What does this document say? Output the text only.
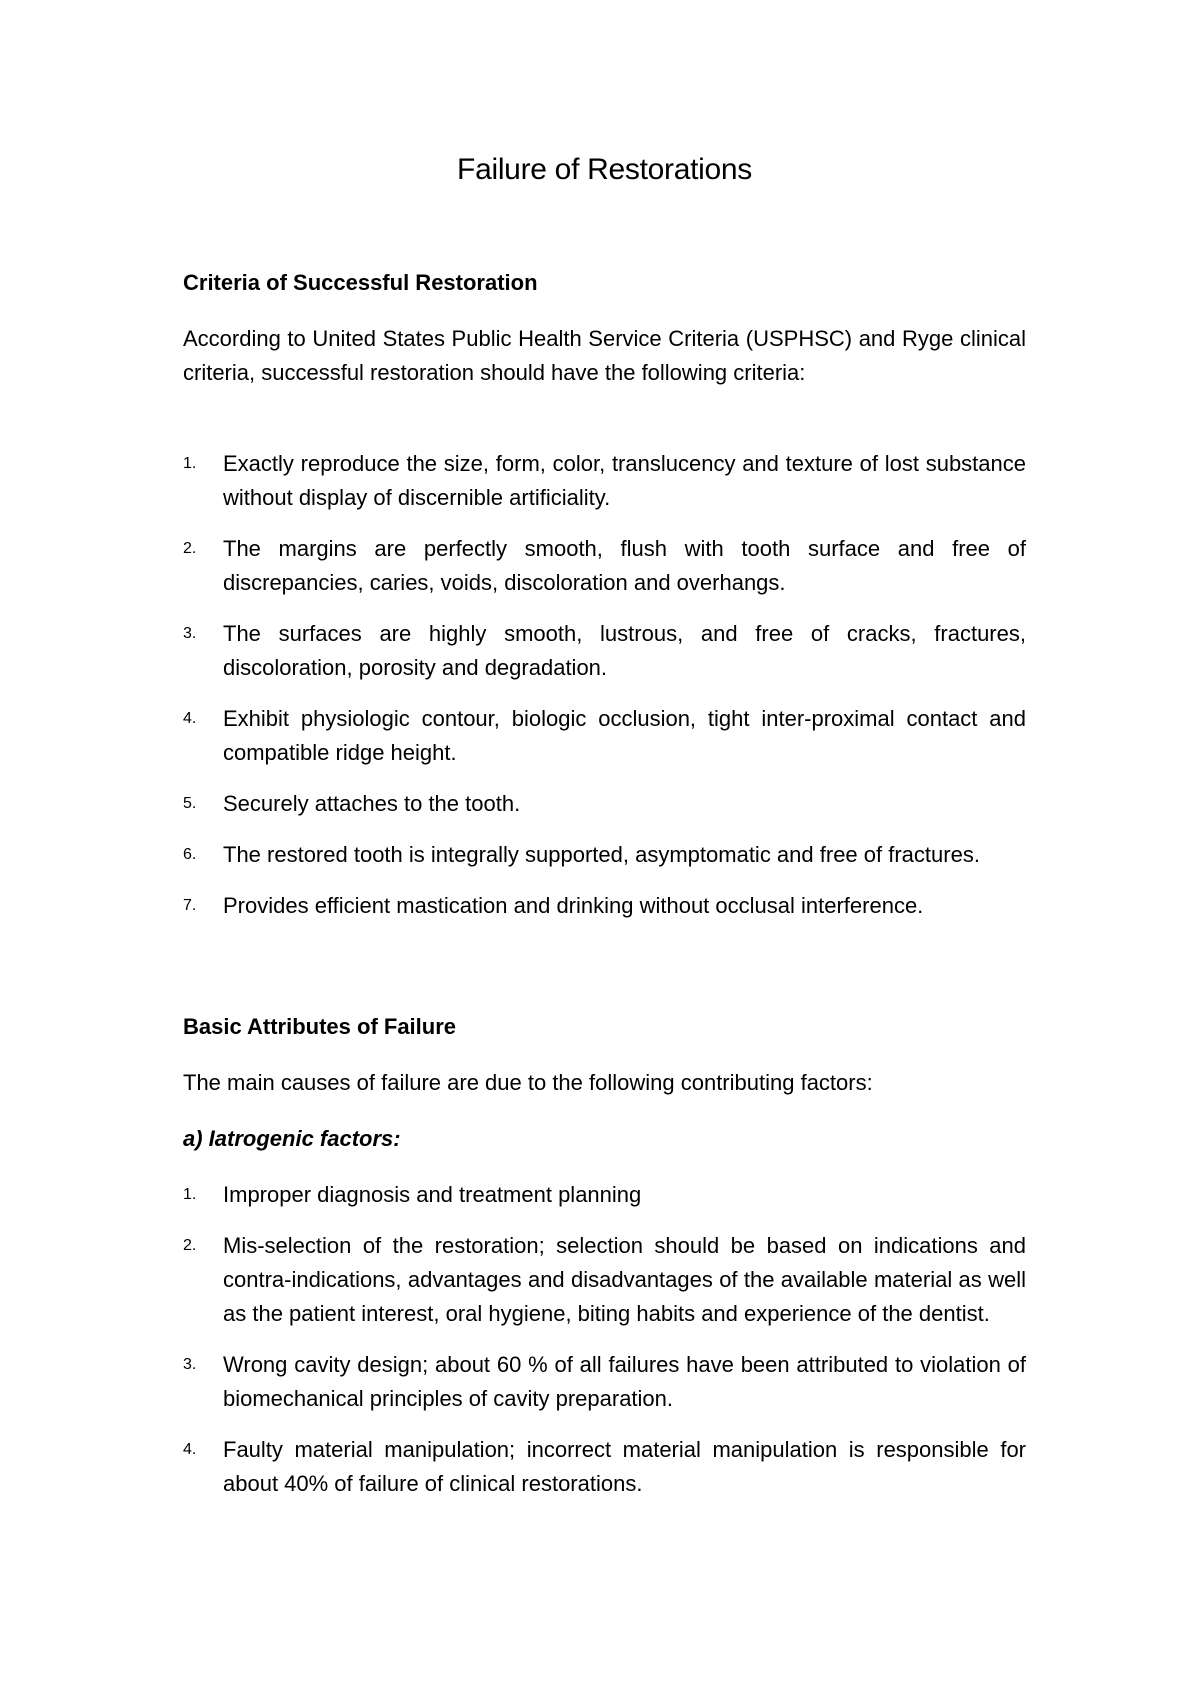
Failure of Restorations
Criteria of Successful Restoration

According to United States Public Health Service Criteria (USPHSC) and Ryge clinical criteria, successful restoration should have the following criteria:

1.	Exactly reproduce the size, form, color, translucency and texture of lost substance without display of discernible artificiality.
2.	The margins are perfectly smooth, flush with tooth surface and free of discrepancies, caries, voids, discoloration and overhangs.
3.	The surfaces are highly smooth, lustrous, and free of cracks, fractures, discoloration, porosity and degradation.
4.	Exhibit physiologic contour, biologic occlusion, tight inter-proximal contact and compatible ridge height.
5.	Securely attaches to the tooth.
6.	The restored tooth is integrally supported, asymptomatic and free of fractures.
7.	Provides efficient mastication and drinking without occlusal interference.
Basic Attributes of Failure

The main causes of failure are due to the following contributing factors:

a) Iatrogenic factors:
1.	Improper diagnosis and treatment planning
2.	Mis-selection of the restoration; selection should be based on indications and contra-indications, advantages and disadvantages of the available material as well as the patient interest, oral hygiene, biting habits and experience of the dentist.
3.	Wrong cavity design; about 60 % of all failures have been attributed to violation of biomechanical principles of cavity preparation.
4.	Faulty material manipulation; incorrect material manipulation is responsible for about 40% of failure of clinical restorations.
